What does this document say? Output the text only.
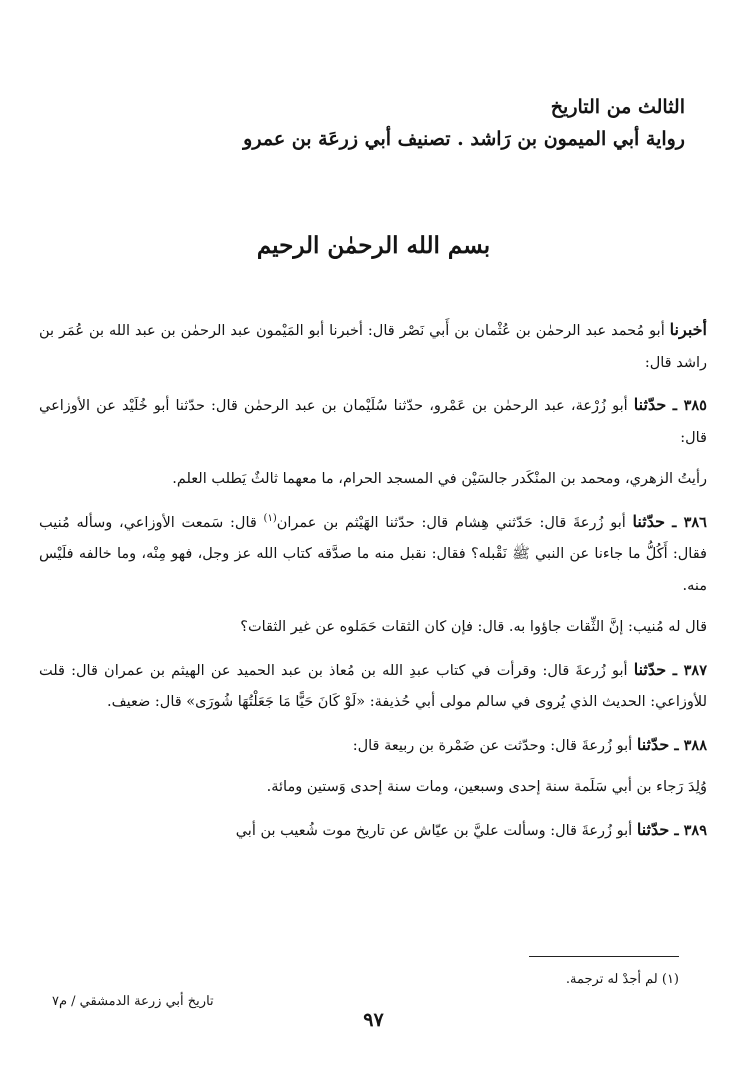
الثالث من التاريخ
رواية أبي الميمون بن رَاشد . تصنيف أبي زرعَة بن عمرو
بسم الله الرحمٰن الرحيم

أخبرنا أبو مُحمد عبد الرحمٰن بن عُثْمان بن أَبي نَصْر قال: أخبرنا أبو المَيْمون عبد الرحمٰن بن عبد الله بن عُمَر بن راشد قال:

٣٨٥ ـ حدّثنا أبو زُرْعة، عبد الرحمٰن بن عَمْرو، حدّثنا سُلَيْمان بن عبد الرحمٰن قال: حدّثنا أبو خُلَيْد عن الأوزاعي قال:

رأيتُ الزهري، ومحمد بن المنْكَدر جالسَيْن في المسجد الحرام، ما معهما ثالثٌ يَطلب العلم.

٣٨٦ ـ حدّثنا أبو زُرعةَ قال: حَدّثني هِشام قال: حدّثنا الهَيْثم بن عمران$^{(١)}$ قال: سَمعت الأوزاعي، وسأله مُنيب فقال: أَكُلُّ ما جاءنا عن النبي ﷺ نَقْبله؟ فقال: نقبل منه ما صدَّقه كتاب الله عز وجل، فهو مِنْه، وما خالفه فلَيْس منه.

قال له مُنيب: إنَّ الثِّقات جاؤوا به. قال: فإن كان الثقات حَمَلوه عن غير الثقات؟

٣٨٧ ـ حدّثنا أبو زُرعةَ قال: وقرأت في كتاب عبدِ الله بن مُعاذ بن عبد الحميد عن الهيثم بن عمران قال: قلت للأوزاعي: الحديث الذي يُروى في سالم مولى أبي حُذيفة: «لَوْ كَانَ حَيًّا مَا جَعَلْتُهَا شُورَى» قال: ضعيف.

٣٨٨ ـ حدّثنا أبو زُرعةَ قال: وحدّثت عن ضَمْرة بن ربيعة قال:

وُلِدَ رَجاء بن أبي سَلَمة سنة إحدى وسبعين، ومات سنة إحدى وَستين ومائة.

٣٨٩ ـ حدّثنا أبو زُرعةَ قال: وسألت عليَّ بن عيّاش عن تاريخ موت شُعيب بن أبي

(١) لم أجدْ له ترجمة.
تاريخ أبي زرعة الدمشقي / م٧
٩٧
